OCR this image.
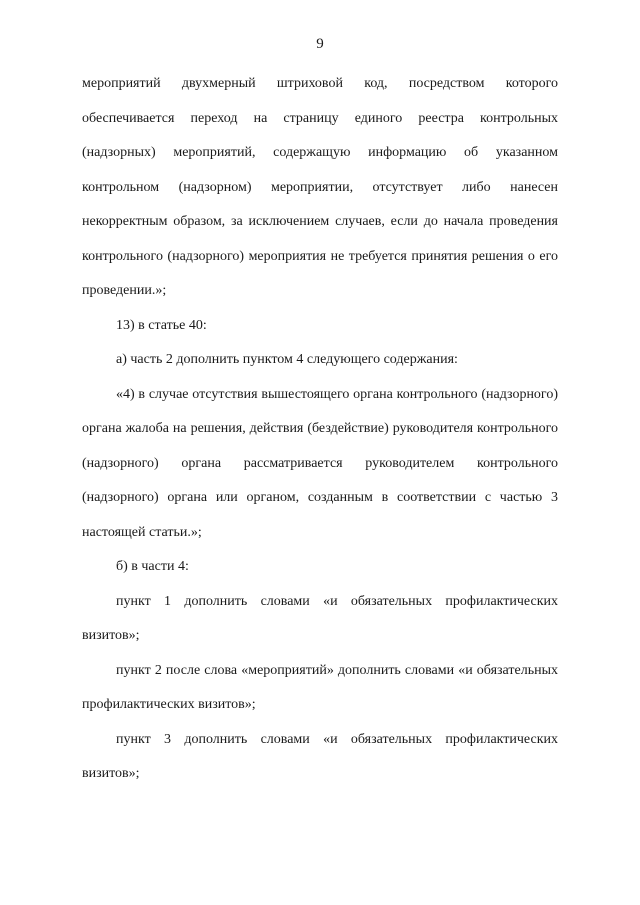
9

мероприятий двухмерный штриховой код, посредством которого обеспечивается переход на страницу единого реестра контрольных (надзорных) мероприятий, содержащую информацию об указанном контрольном (надзорном) мероприятии, отсутствует либо нанесен некорректным образом, за исключением случаев, если до начала проведения контрольного (надзорного) мероприятия не требуется принятия решения о его проведении.»;

13) в статье 40:

а) часть 2 дополнить пунктом 4 следующего содержания:

«4) в случае отсутствия вышестоящего органа контрольного (надзорного) органа жалоба на решения, действия (бездействие) руководителя контрольного (надзорного) органа рассматривается руководителем контрольного (надзорного) органа или органом, созданным в соответствии с частью 3 настоящей статьи.»;

б) в части 4:

пункт 1 дополнить словами «и обязательных профилактических визитов»;

пункт 2 после слова «мероприятий» дополнить словами «и обязательных профилактических визитов»;

пункт 3 дополнить словами «и обязательных профилактических визитов»;
